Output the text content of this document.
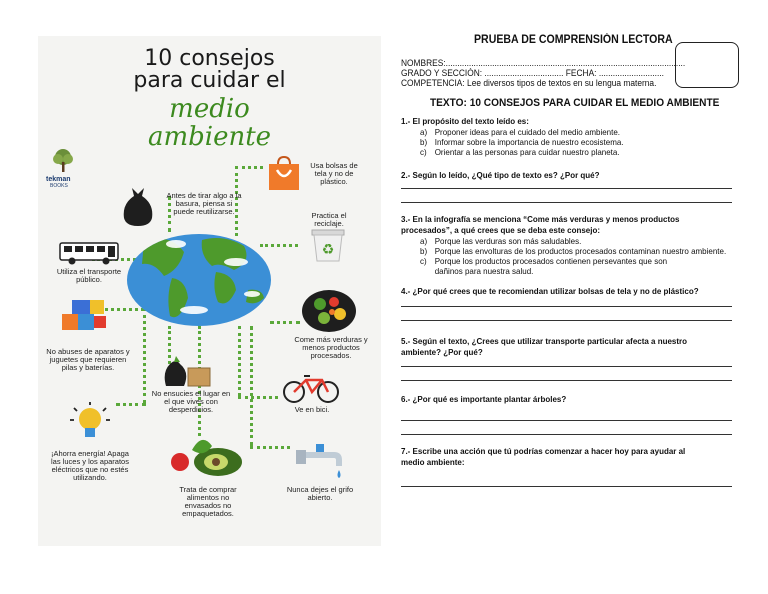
10 consejos
para cuidar el
medio
ambiente
tekman
BOOKS
Antes de tirar algo a la basura, piensa si puede reutilizarse.
Usa bolsas de tela y no de plástico.
Practica el reciclaje.
♻
Utiliza el transporte público.
Come más verduras y menos productos procesados.
No abuses de aparatos y juguetes que requieren pilas y baterías.
No ensucies el lugar en el que vives con desperdicios.	Ve en bici.
¡Ahorra energía! Apaga las luces y los aparatos eléctricos que no estés utilizando.
Trata de comprar alimentos no envasados no empaquetados.
Nunca dejes el grifo abierto.
PRUEBA DE COMPRENSIÓN LECTORA
NOMBRES:.......................................................................................................
GRADO Y SECCIÓN: .................................. FECHA: ............................
COMPETENCIA: Lee diversos tipos de textos en su lengua materna.
TEXTO: 10 CONSEJOS PARA CUIDAR EL MEDIO AMBIENTE
1.- El propósito del texto leído es:
a) Proponer ideas para el cuidado del medio ambiente.
b) Informar sobre la importancia de nuestro ecosistema.
c) Orientar a las personas para cuidar nuestro planeta.
2.- Según lo leído, ¿Qué tipo de texto es? ¿Por qué?
3.- En la infografía se menciona “Come más verduras y menos productos procesados”, a qué crees que se deba este consejo:
a) Porque las verduras son más saludables.
b) Porque las envolturas de los productos procesados contaminan nuestro ambiente.
c) Porque los productos procesados contienen persevantes que son dañinos para nuestra salud.
4.- ¿Por qué crees que te recomiendan utilizar bolsas de tela y no de plástico?
5.- Según el texto, ¿Crees que utilizar transporte particular afecta a nuestro ambiente? ¿Por qué?
6.- ¿Por qué es importante plantar árboles?
7.- Escribe una acción que tú podrías comenzar a hacer hoy para ayudar al medio ambiente:
